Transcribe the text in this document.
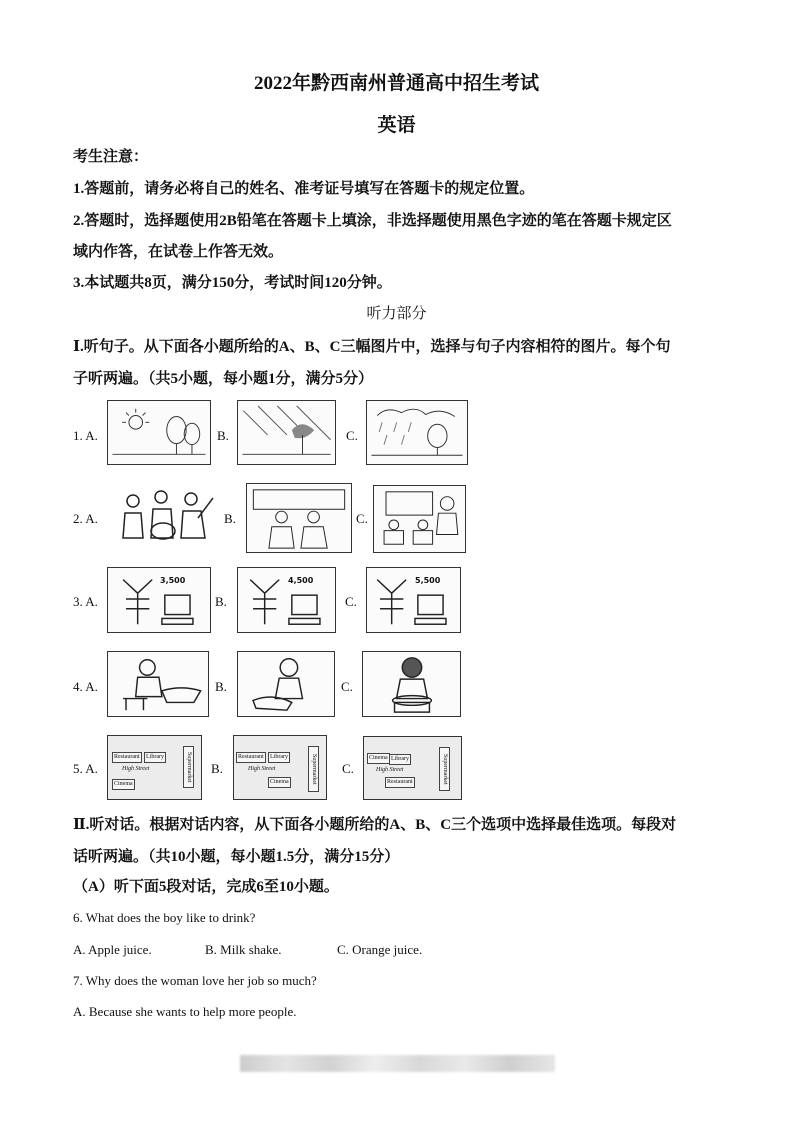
2022年黔西南州普通高中招生考试
英语
考生注意：
1.答题前，请务必将自己的姓名、准考证号填写在答题卡的规定位置。
2.答题时，选择题使用2B铅笔在答题卡上填涂，非选择题使用黑色字迹的笔在答题卡规定区
域内作答，在试卷上作答无效。
3.本试题共8页，满分150分，考试时间120分钟。
听力部分
Ⅰ.听句子。从下面各小题所给的A、B、C三幅图片中，选择与句子内容相符的图片。每个句
子听两遍。（共5小题，每小题1分，满分5分）
1. A.	B.	C.
2. A.	B.	C.
3. A.
3,500
B.
4,500
C.
5,500
4. A.	B.	C.
5. A.
Restaurant	Library
High Street
Cinema
Supermarket B.
Restaurant	Library
High Street
Cinema	Supermarket C.
Cinema Library
High Street
Restaurant	Supermarket
Ⅱ.听对话。根据对话内容，从下面各小题所给的A、B、C三个选项中选择最佳选项。每段对
话听两遍。（共10小题，每小题1.5分，满分15分）
（A）听下面5段对话，完成6至10小题。
6. What does the boy like to drink?
A. Apple juice.	B. Milk shake.	C. Orange juice.
7. Why does the woman love her job so much?
A. Because she wants to help more people.
